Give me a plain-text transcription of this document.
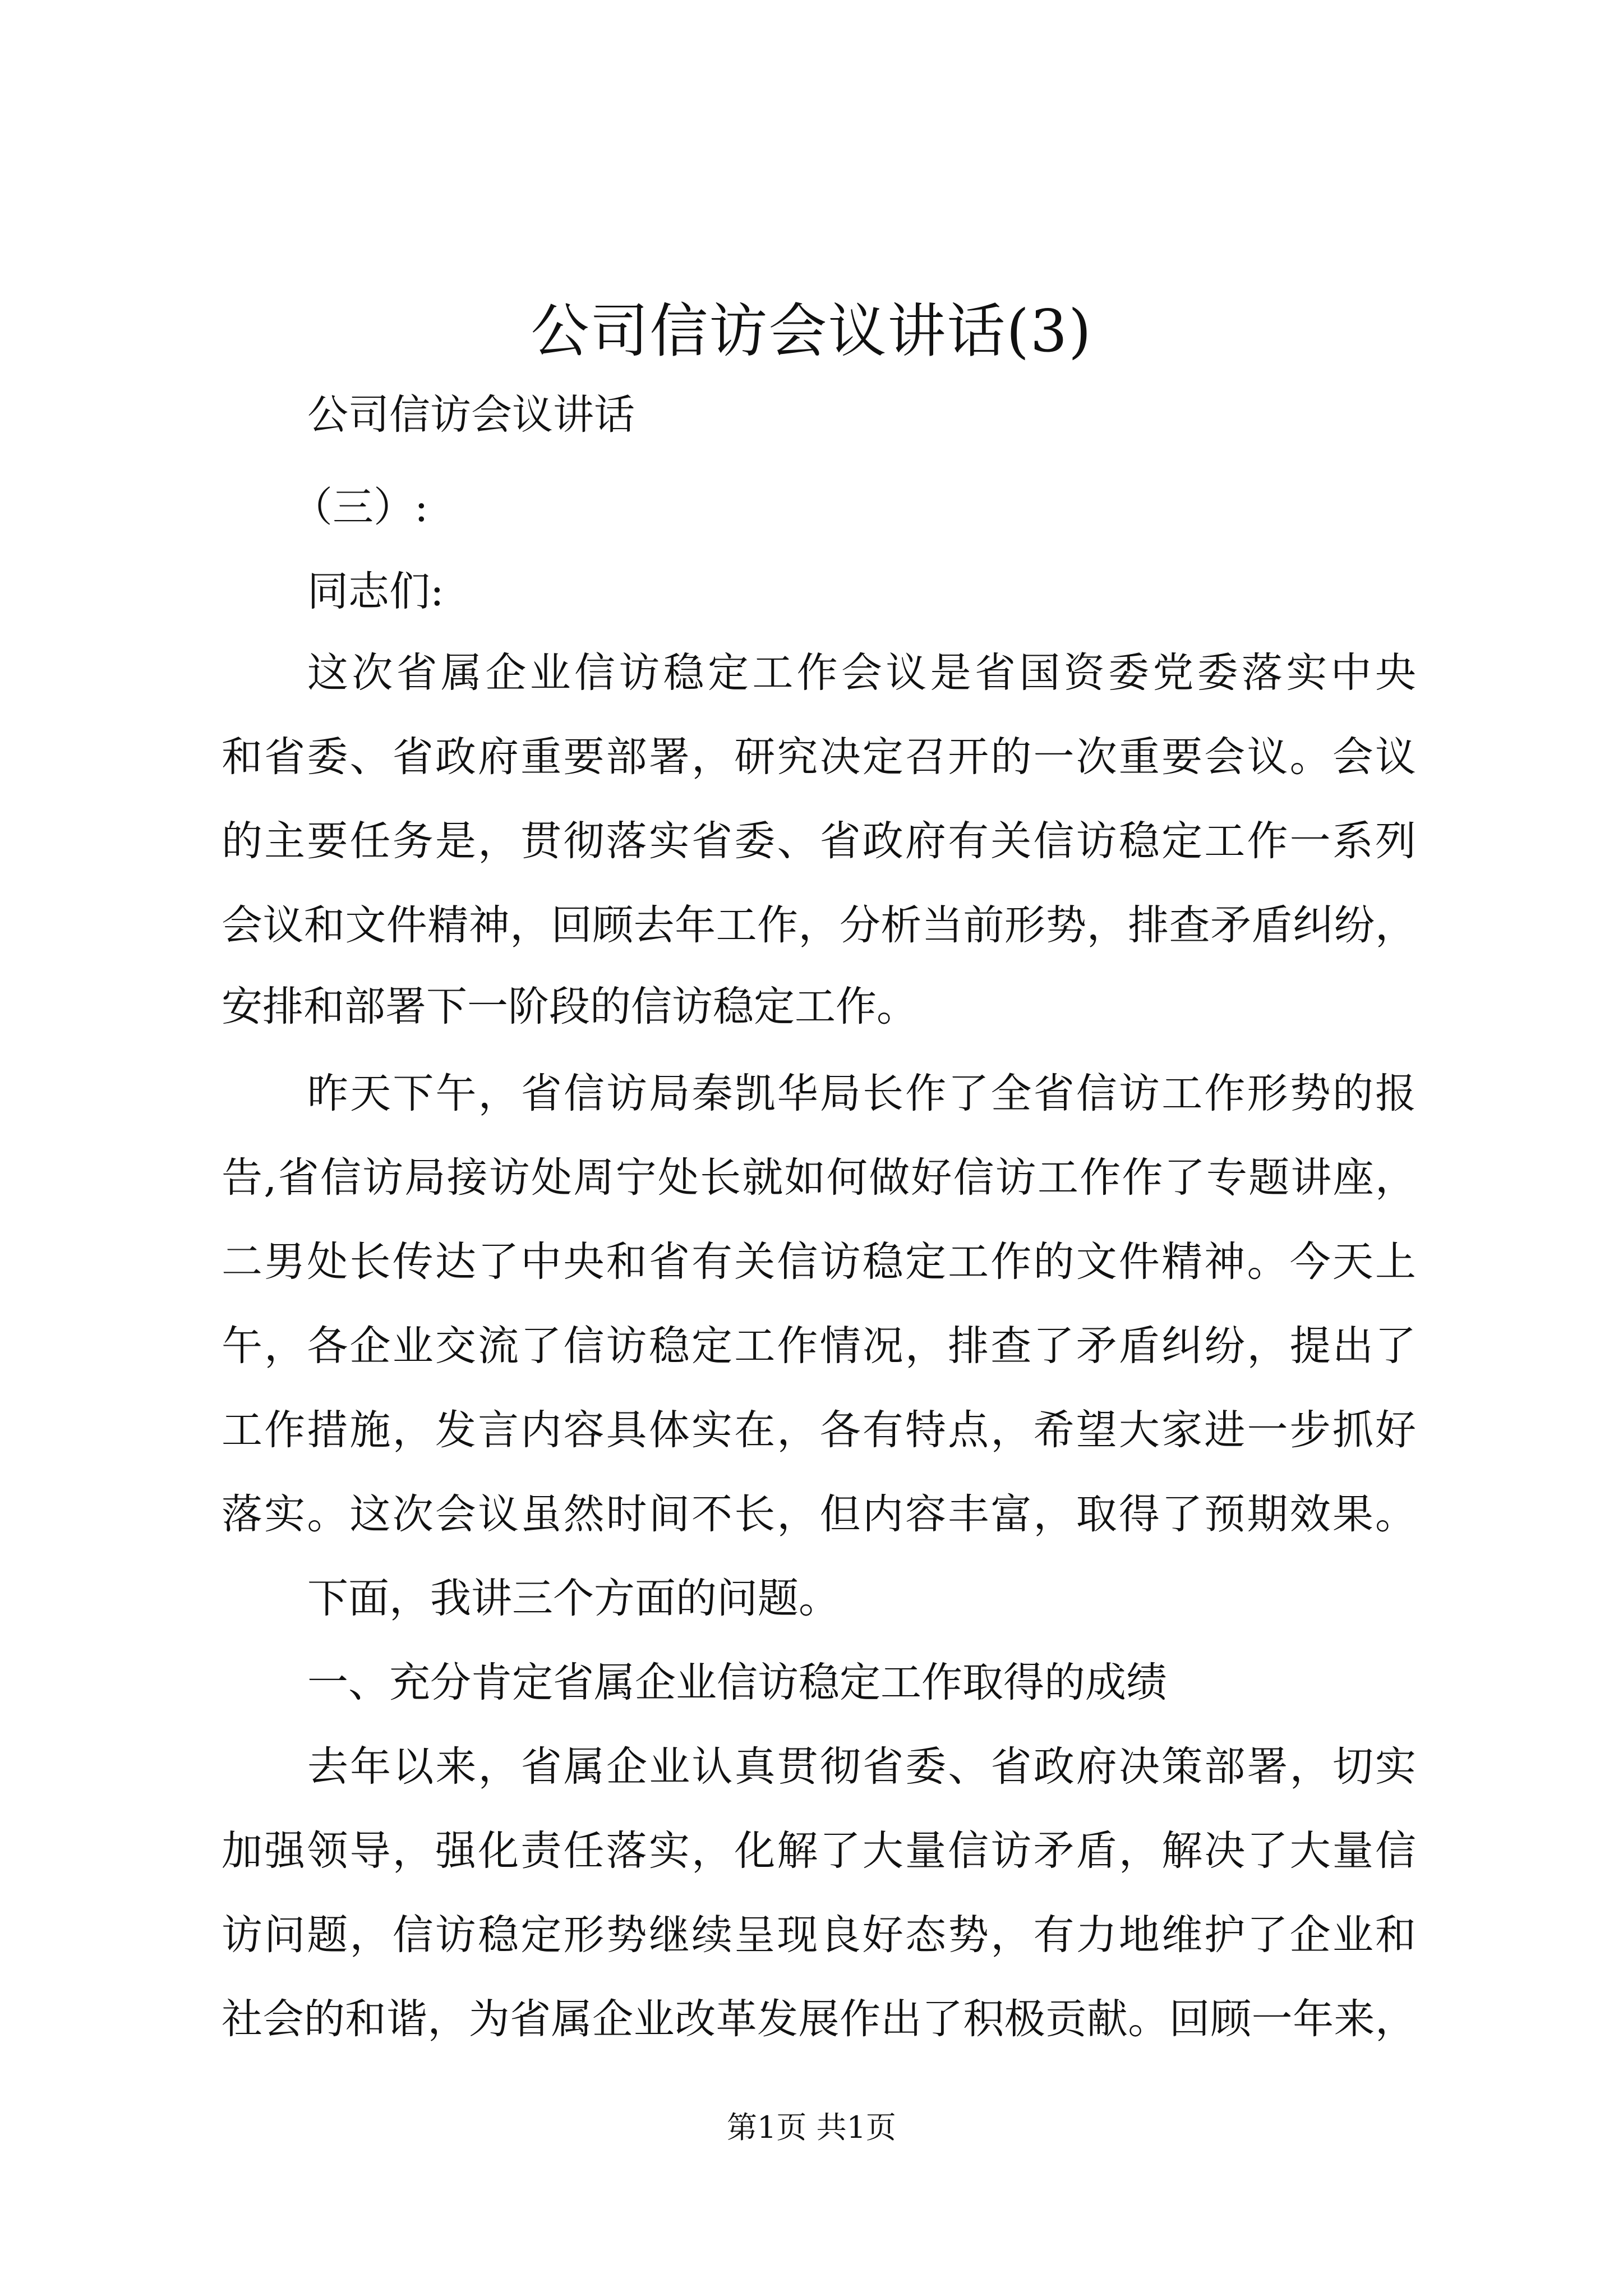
公司信访会议讲话(3)

公司信访会议讲话

（三）:

同志们:

这次省属企业信访稳定工作会议是省国资委党委落实中央

和省委、省政府重要部署，研究决定召开的一次重要会议。会议

的主要任务是，贯彻落实省委、省政府有关信访稳定工作一系列

会议和文件精神，回顾去年工作，分析当前形势，排查矛盾纠纷，

安排和部署下一阶段的信访稳定工作。

昨天下午，省信访局秦凯华局长作了全省信访工作形势的报

告,省信访局接访处周宁处长就如何做好信访工作作了专题讲座，

二男处长传达了中央和省有关信访稳定工作的文件精神。今天上

午，各企业交流了信访稳定工作情况，排查了矛盾纠纷，提出了

工作措施，发言内容具体实在，各有特点，希望大家进一步抓好

落实。这次会议虽然时间不长，但内容丰富，取得了预期效果。

下面，我讲三个方面的问题。

一、充分肯定省属企业信访稳定工作取得的成绩

去年以来，省属企业认真贯彻省委、省政府决策部署，切实

加强领导，强化责任落实，化解了大量信访矛盾，解决了大量信

访问题，信访稳定形势继续呈现良好态势，有力地维护了企业和

社会的和谐，为省属企业改革发展作出了积极贡献。回顾一年来，

第1页 共1页
